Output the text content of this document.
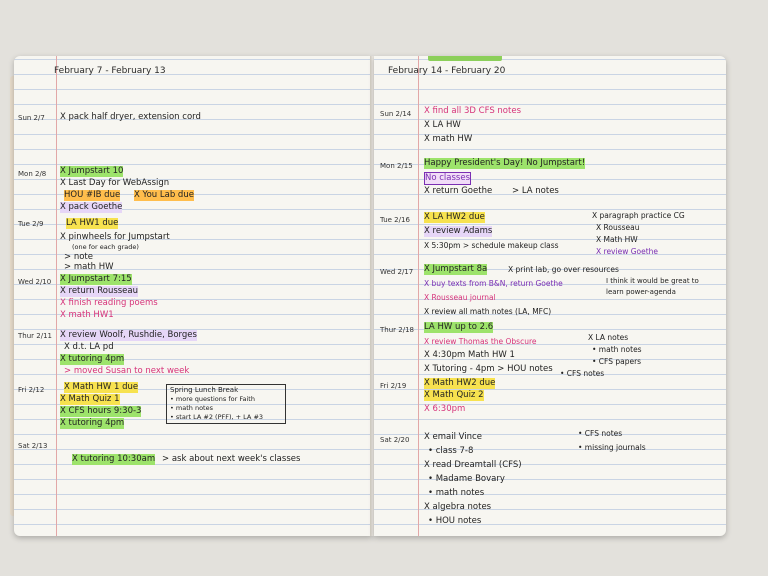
February 7 - February 13
Sun 2/7 X pack half dryer, extension cord
Mon 2/8 X Jumpstart 10
X Last Day for WebAssign
HOU #IB due X You Lab due
X pack Goethe
Tue 2/9	LA HW1 due
X pinwheels for Jumpstart
(one for each grade)
> note
> math HW
Wed 2/10 X Jumpstart 7:15
X return Rousseau
X finish reading poems
X math HW1
Thur 2/11 X review Woolf, Rushdie, Borges
X d.t. LA pd
X tutoring 4pm
> moved Susan to next week
Fri 2/12 X Math HW 1 due
X Math Quiz 1
X CFS hours 9:30-3
X tutoring 4pm
Spring Lunch Break
• more questions for Faith
• math notes
• start LA #2 (PFF), + LA #3
Sat 2/13
X tutoring 10:30am > ask about next week's classes
February 14 - February 20
Sun 2/14 X find all 3D CFS notes
X LA HW
X math HW
Mon 2/15 Happy President's Day! No Jumpstart!
No classes
X return Goethe > LA notes
Tue 2/16 X LA HW2 due
X review Adams
X 5:30pm > schedule makeup class
Wed 2/17 X Jumpstart 8a	X print lab, go over resources
X buy texts from B&N, return Goethe
X Rousseau journal
X review all math notes (LA, MFC)
Thur 2/18 LA HW up to 2.6
X review Thomas the Obscure
X 4:30pm Math HW 1
X Tutoring - 4pm > HOU notes
Fri 2/19 X Math HW2 due
X Math Quiz 2
X 6:30pm
Sat 2/20 X email Vince
• class 7-8
X read Dreamtall (CFS)
• Madame Bovary
• math notes
X algebra notes
• HOU notes
X paragraph practice CG
X Rousseau
X Math HW
X review Goethe
I think it would be great to learn power-agenda
X LA notes
• math notes
• CFS papers
• CFS notes
• CFS notes
• missing journals
